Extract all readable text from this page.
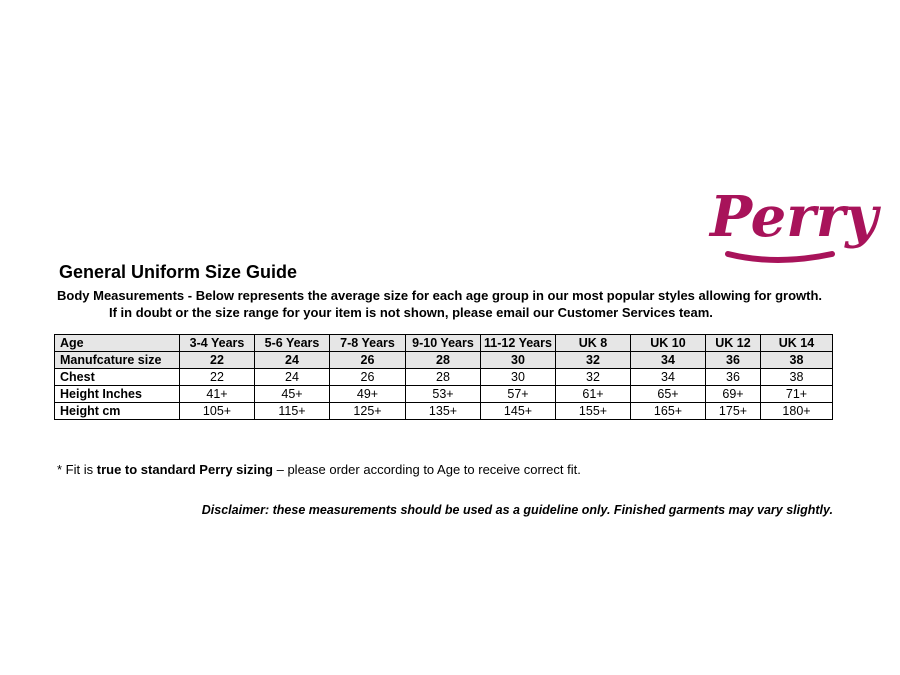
Perry
General Uniform Size Guide
Body Measurements - Below represents the average size for each age group in our most popular styles allowing for growth.
If in doubt or the size range for your item is not shown, please email our Customer Services team.
Age	3-4 Years	5-6 Years	7-8 Years	9-10 Years	11-12 Years	UK 8	UK 10	UK 12	UK 14
Manufcature size	22	24	26	28	30	32	34	36	38
Chest	22	24	26	28	30	32	34	36	38
Height Inches	41+	45+	49+	53+	57+	61+	65+	69+	71+
Height cm	105+	115+	125+	135+	145+	155+	165+	175+	180+
* Fit is true to standard Perry sizing – please order according to Age to receive correct fit.
Disclaimer: these measurements should be used as a guideline only. Finished garments may vary slightly.
